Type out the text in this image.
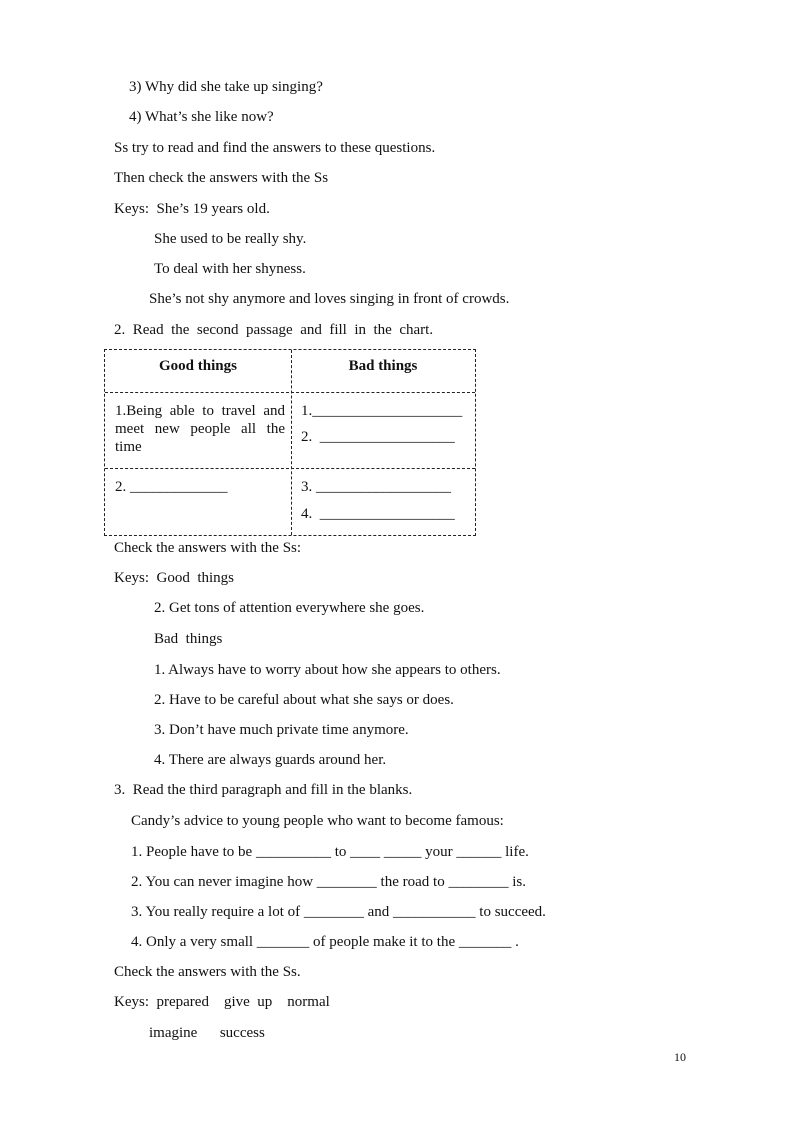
3) Why did she take up singing?
4) What’s she like now?
Ss try to read and find the answers to these questions.
Then check the answers with the Ss
Keys:  She’s 19 years old.
She used to be really shy.
To deal with her shyness.
She’s not shy anymore and loves singing in front of crowds.
2.  Read  the  second  passage  and  fill  in  the  chart.
Good things	Bad things
1.Being able to travel and meet new people all the time
1.____________________
2.  __________________
2. _____________	3. __________________
4.  __________________
Check the answers with the Ss:
Keys:  Good  things
2. Get tons of attention everywhere she goes.
Bad  things
1. Always have to worry about how she appears to others.
2. Have to be careful about what she says or does.
3. Don’t have much private time anymore.
4. There are always guards around her.
3.  Read the third paragraph and fill in the blanks.
Candy’s advice to young people who want to become famous:
1. People have to be __________ to ____ _____ your ______ life.
2. You can never imagine how ________ the road to ________ is.
3. You really require a lot of ________ and ___________ to succeed.
4. Only a very small _______ of people make it to the _______ .
Check the answers with the Ss.
Keys:  prepared    give  up    normal
imagine      success
10
